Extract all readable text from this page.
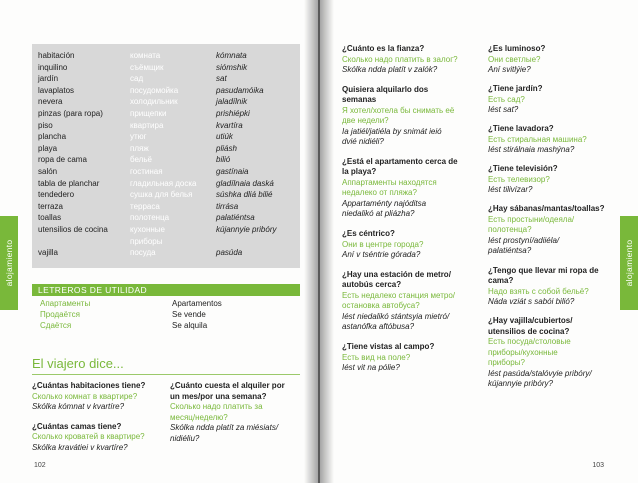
alojamiento
habitación	комната	kómnata
inquilino	съёмщик	siómshik
jardín	сад	sat
lavaplatos	посудомойка	pasudamóika
nevera	холодильник	jaladílnik
pinzas (para ropa)	прищепки	prishiépki
piso	квартира	kvartíra
plancha	утюг	utiúk
playa	пляж	pliásh
ropa de cama	бельё	bilió
salón	гостиная	gastínaia
tabla de planchar	гладильная доска gladílnaia daská
tendedero	сушка для белья	súshka dliá bilié
terraza	терраса	tirrása
toallas	полотенца	palatiéntsa
utensilios de cocina	кухонные	kújannyie pribóry
приборы
vajilla	посуда	pasúda
LETREROS DE UTILIDAD
Апартаменты	Apartamentos
Продаётся	Se vende
Сдаётся	Se alquila
El viajero dice...
¿Cuántas habitaciones tiene?
Сколько комнат в квартире?
Skólka kómnat v kvartíre?
¿Cuántas camas tiene?
Сколько кроватей в квартире?
Skólka kravátiei v kvartíre?
¿Cuánto cuesta el alquiler por
un mes/por una semana?
Сколько надо платить за
месяц/неделю?
Skólka ndda platít za miésiats/
nidiéliu?
102
alojamiento
¿Cuánto es la fianza?
Сколько надо платить в залог?
Skólka ndda platít v zalók?
Quisiera alquilarlo dos
semanas
Я хотел/хотела бы снимать её
две недели?
Ia jatiél/jatiéla by snimát ieió
dvié nidiéli?
¿Está el apartamento cerca de
la playa?
Аппартаменты находятся
недалеко от пляжа?
Appartaménty najóditsa
niedalikó at pliázha?
¿Es céntrico?
Они в центре города?
Aní v tséntrie górada?
¿Hay una estación de metro/
autobús cerca?
Есть недалеко станция метро/
остановка автобуса?
Iést niedalikó stántsyia mietró/
astanófka aftóbusa?
¿Tiene vistas al campo?
Есть вид на поле?
Iést vit na pólie?
¿Es luminoso?
Они светлые?
Aní svitlýie?
¿Tiene jardín?
Есть сад?
Iést sat?
¿Tiene lavadora?
Есть стиральная машина?
Iést stirálnaia mashýna?
¿Tiene televisión?
Есть телевизор?
Iést tilivízar?
¿Hay sábanas/mantas/toallas?
Есть простыни/одеяла/
полотенца?
Iést prostyní/adiiéla/
palatiéntsa?
¿Tengo que llevar mi ropa de
cama?
Надо взять с собой бельё?
Náda vziát s sabói bilió?
¿Hay vajilla/cubiertos/
utensilios de cocina?
Есть посуда/столовые
приборы/кухонные
приборы?
Iést pasúda/stalóvyie pribóry/
kújannyie pribóry?
103
